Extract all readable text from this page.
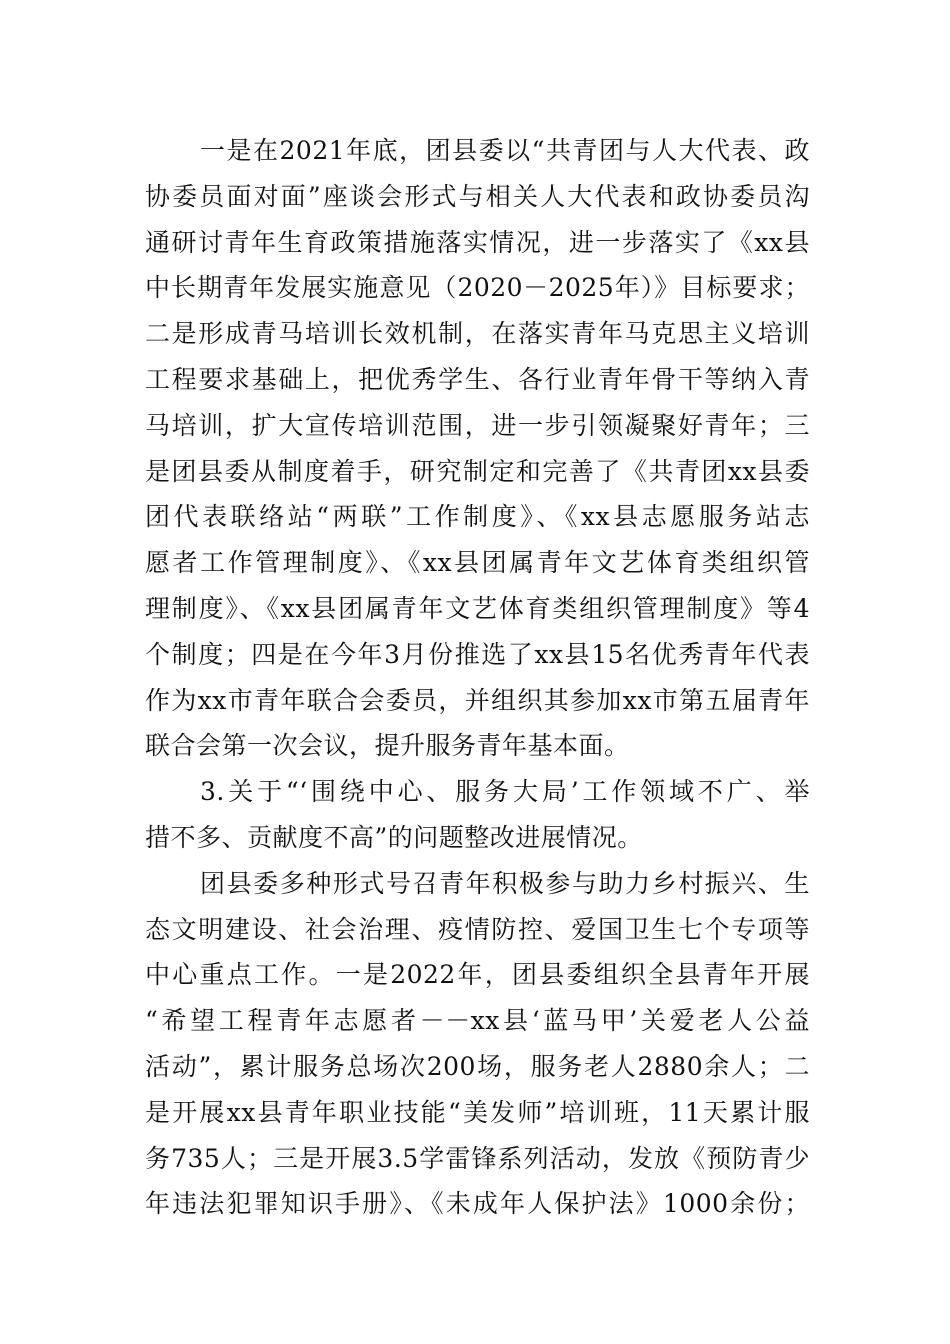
一是在2021年底，团县委以“共青团与人大代表、政
协委员面对面”座谈会形式与相关人大代表和政协委员沟
通研讨青年生育政策措施落实情况，进一步落实了《xx县
中长期青年发展实施意见（2020－2025年）》目标要求；
二是形成青马培训长效机制，在落实青年马克思主义培训
工程要求基础上，把优秀学生、各行业青年骨干等纳入青
马培训，扩大宣传培训范围，进一步引领凝聚好青年；三
是团县委从制度着手，研究制定和完善了《共青团xx县委
团代表联络站“两联”工作制度》、《xx县志愿服务站志
愿者工作管理制度》、《xx县团属青年文艺体育类组织管
理制度》、《xx县团属青年文艺体育类组织管理制度》等4
个制度；四是在今年3月份推选了xx县15名优秀青年代表
作为xx市青年联合会委员，并组织其参加xx市第五届青年
联合会第一次会议，提升服务青年基本面。
3.关于“‘围绕中心、服务大局’工作领域不广、举
措不多、贡献度不高”的问题整改进展情况。
团县委多种形式号召青年积极参与助力乡村振兴、生
态文明建设、社会治理、疫情防控、爱国卫生七个专项等
中心重点工作。一是2022年，团县委组织全县青年开展
“希望工程青年志愿者－－xx县‘蓝马甲’关爱老人公益
活动”，累计服务总场次200场，服务老人2880余人；二
是开展xx县青年职业技能“美发师”培训班，11天累计服
务735人；三是开展3.5学雷锋系列活动，发放《预防青少
年违法犯罪知识手册》、《未成年人保护法》1000余份；
